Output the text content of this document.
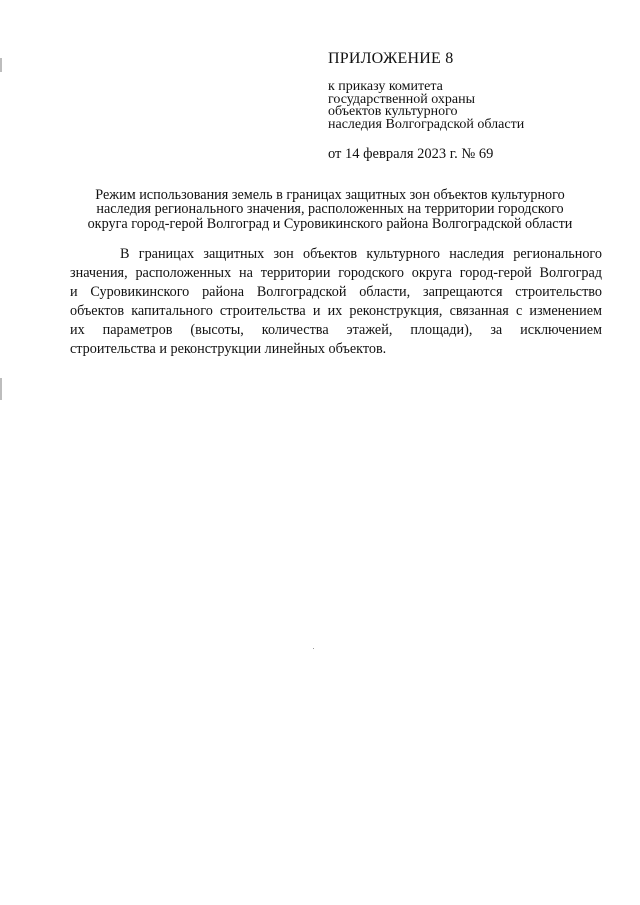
ПРИЛОЖЕНИЕ 8
к приказу комитета
государственной охраны
объектов культурного
наследия Волгоградской области
от 14 февраля 2023 г. № 69
Режим использования земель в границах защитных зон объектов культурного
наследия регионального значения, расположенных на территории городского
округа город-герой Волгоград и Суровикинского района Волгоградской области
В границах защитных зон объектов культурного наследия регионального
значения, расположенных на территории городского округа город-герой Волгоград
и Суровикинского района Волгоградской области, запрещаются строительство
объектов капитального строительства и их реконструкция, связанная с изменением
их параметров (высоты, количества этажей, площади), за исключением
строительства и реконструкции линейных объектов.
